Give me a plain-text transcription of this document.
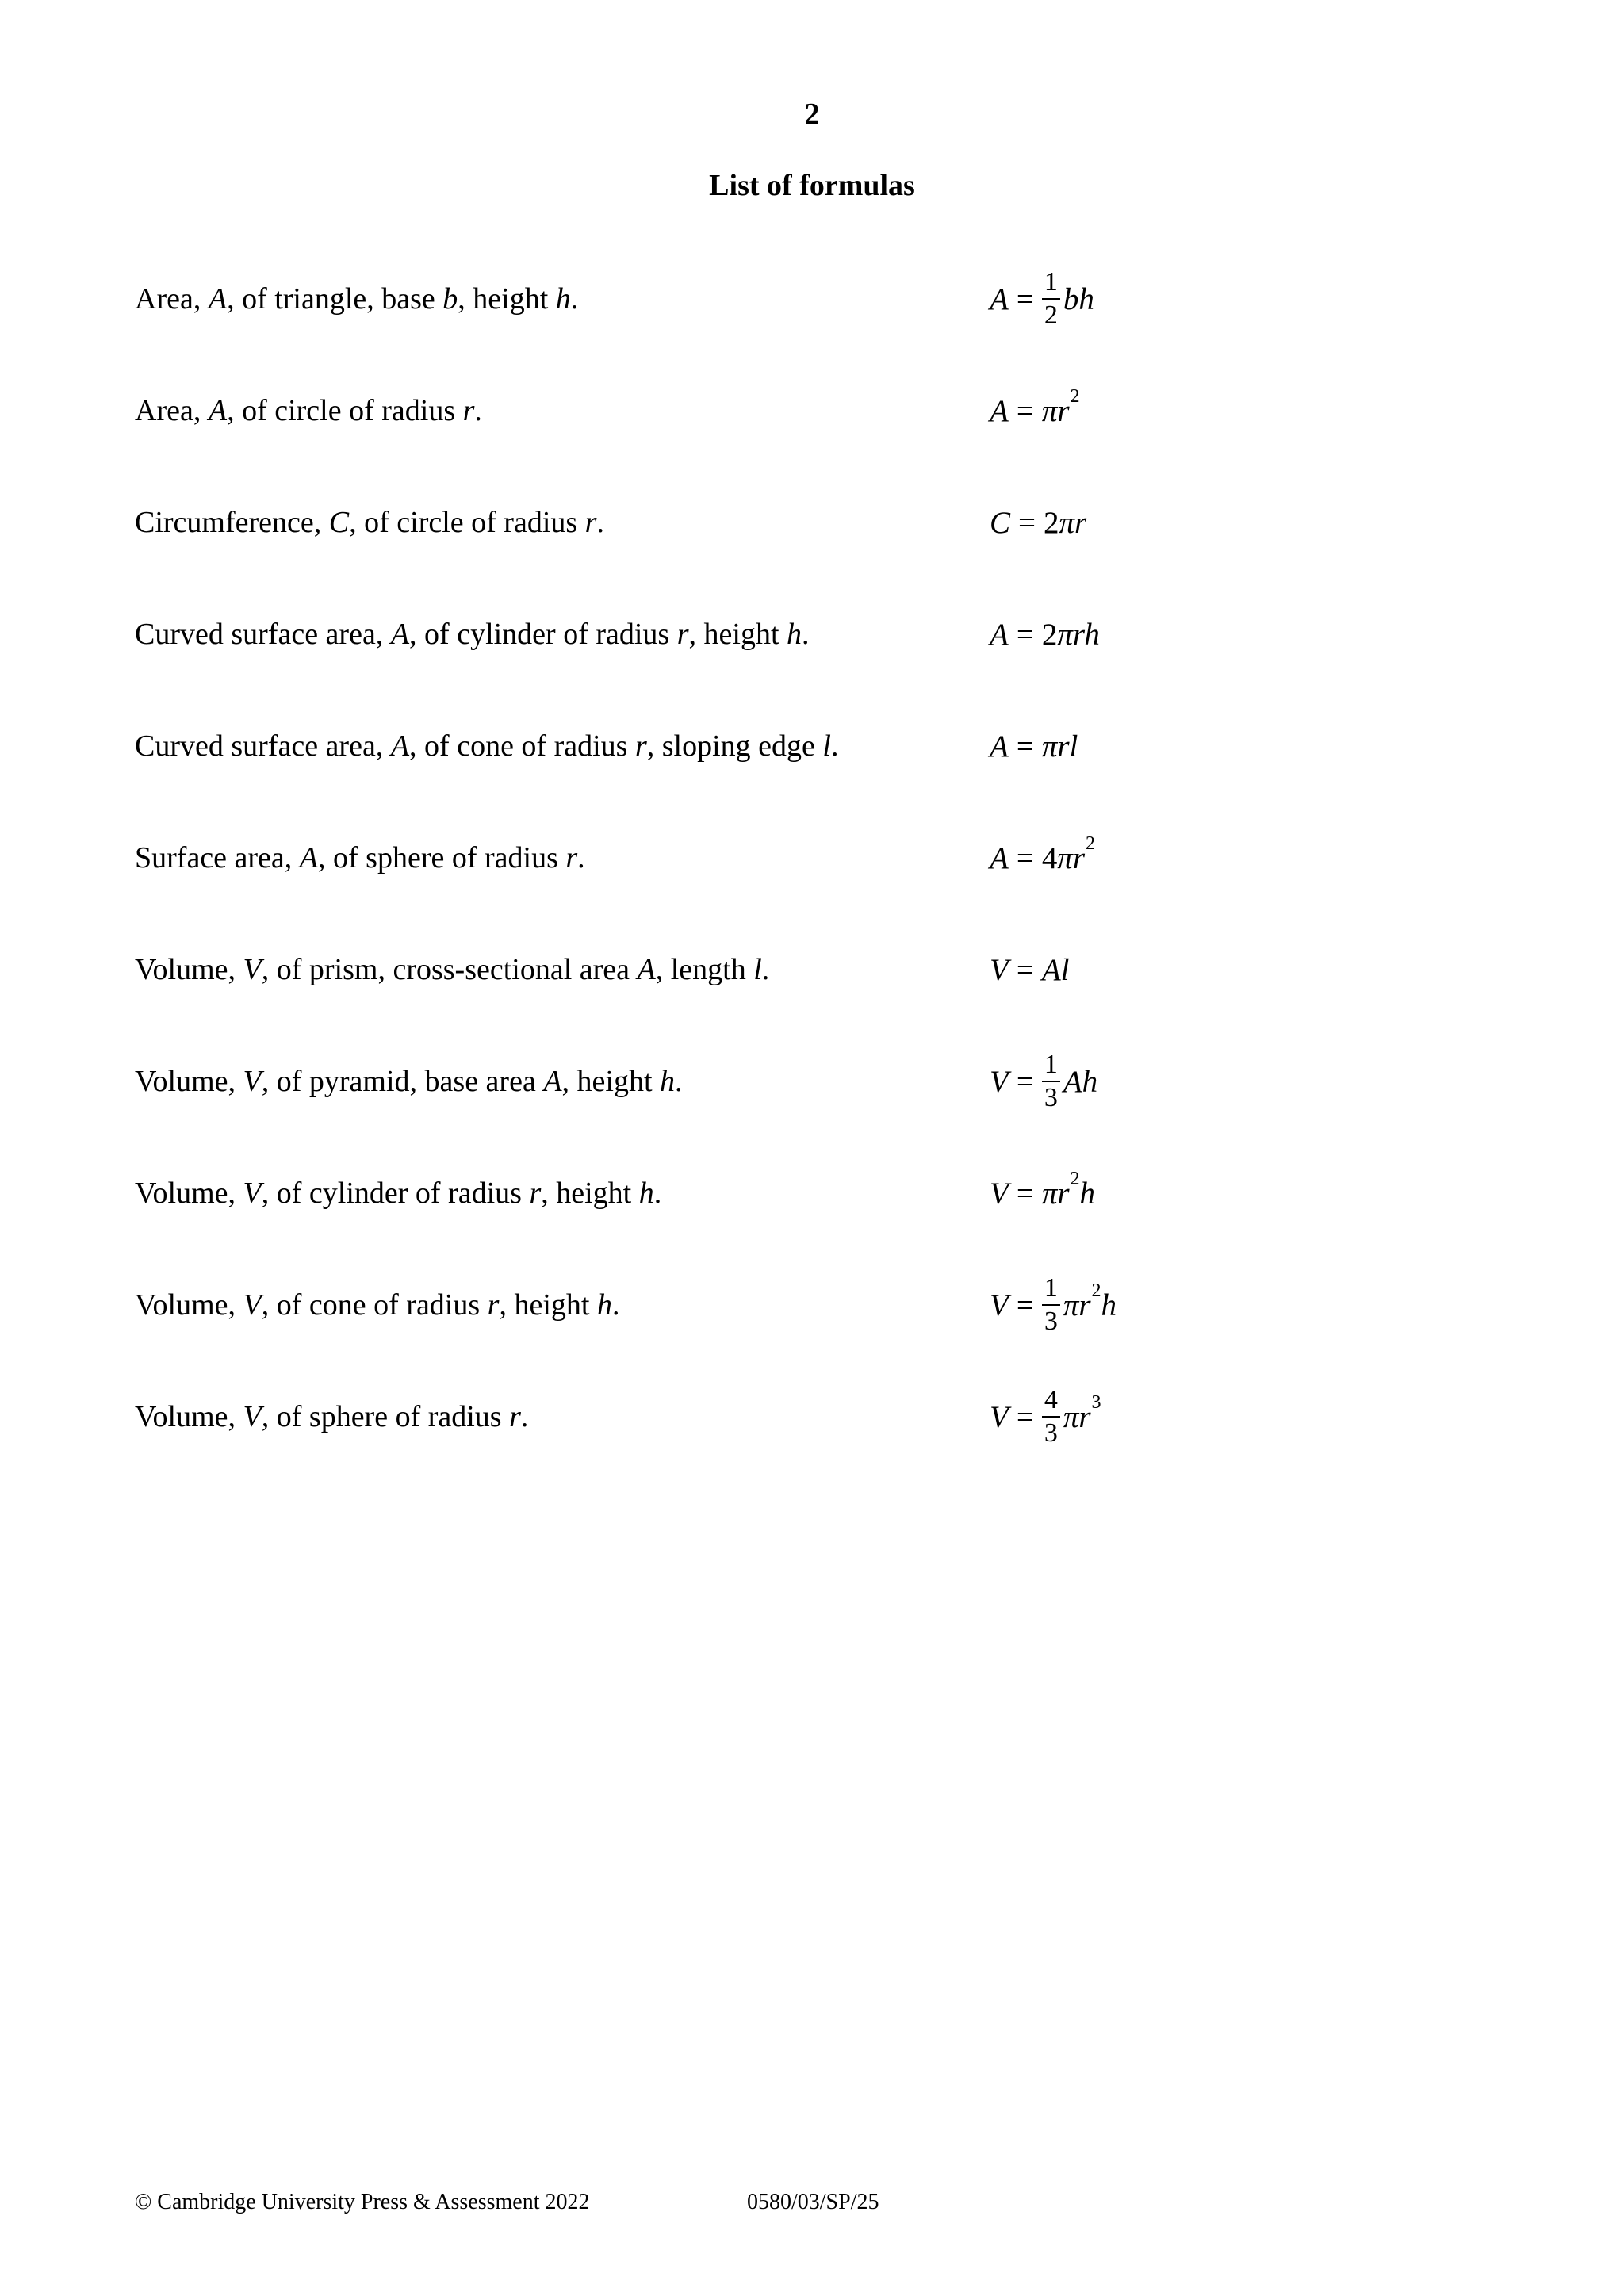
2
List of formulas
Area, A, of triangle, base b, height h.	$A = \frac{1}{2}$ bh
Area, A, of circle of radius r.	A = πr 2
Circumference, C, of circle of radius r.	C = 2 πr
Curved surface area, A, of cylinder of radius r, height h.	A = 2 πrh
Curved surface area, A, of cone of radius r, sloping edge l.	A = πrl
Surface area, A, of sphere of radius r.	A = 4 πr 2
Volume, V, of prism, cross-sectional area A, length l.	V = Al
Volume, V, of pyramid, base area A, height h.	$V = \frac{1}{3}$ Ah
Volume, V, of cylinder of radius r, height h.	V = πr 2 h
Volume, V, of cone of radius r, height h.	$V = \frac{1}{3}$ πr 2 h
Volume, V, of sphere of radius r.	$V = \frac{4}{3}$ πr 3
© Cambridge University Press & Assessment 2022	0580/03/SP/25
